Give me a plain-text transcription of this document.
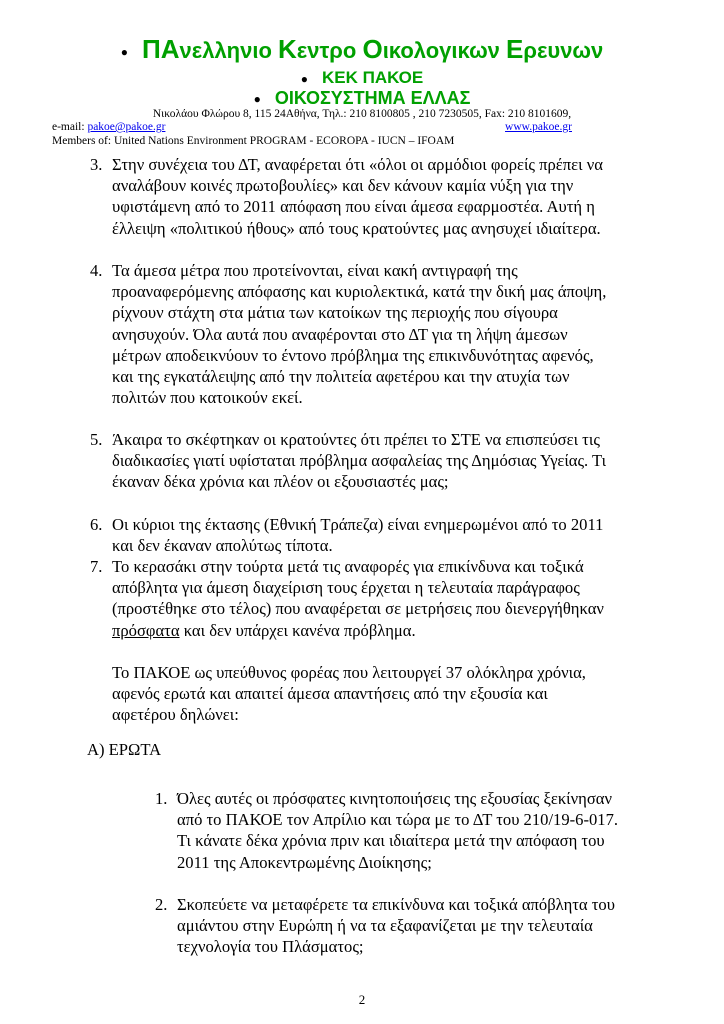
● ΠΑνελληνιο Κεντρο Οικολογικων Ερευνων
● ΚΕΚ ΠΑΚΟΕ
● ΟΙΚΟΣΥΣΤΗΜΑ ΕΛΛΑΣ
Νικολάου Φλώρου 8, 115 24Αθήνα, Τηλ.: 210 8100805 , 210 7230505, Fax: 210 8101609,
e-mail: pakoe@pakoe.gr	www.pakoe.gr
Members of: United Nations Environment PROGRAM - ECOROPA - IUCN – IFOAM
3. Στην συνέχεια του ΔΤ, αναφέρεται ότι «όλοι οι αρμόδιοι φορείς πρέπει να αναλάβουν κοινές πρωτοβουλίες» και δεν κάνουν καμία νύξη για την υφιστάμενη από το 2011 απόφαση που είναι άμεσα εφαρμοστέα. Αυτή η έλλειψη «πολιτικού ήθους» από τους κρατούντες μας ανησυχεί ιδιαίτερα.
4. Τα άμεσα μέτρα που προτείνονται, είναι κακή αντιγραφή της προαναφερόμενης απόφασης και κυριολεκτικά, κατά την δική μας άποψη, ρίχνουν στάχτη στα μάτια των κατοίκων της περιοχής που σίγουρα ανησυχούν. Όλα αυτά που αναφέρονται στο ΔΤ για τη λήψη άμεσων μέτρων αποδεικνύουν το έντονο πρόβλημα της επικινδυνότητας αφενός, και της εγκατάλειψης από την πολιτεία αφετέρου και την ατυχία των πολιτών που κατοικούν εκεί.
5. Άκαιρα το σκέφτηκαν οι κρατούντες ότι πρέπει το ΣΤΕ να επισπεύσει τις διαδικασίες γιατί υφίσταται πρόβλημα ασφαλείας της Δημόσιας Υγείας. Τι έκαναν δέκα χρόνια και πλέον οι εξουσιαστές μας;
6. Οι κύριοι της έκτασης (Εθνική Τράπεζα) είναι ενημερωμένοι από το 2011 και δεν έκαναν απολύτως τίποτα.
7. Το κερασάκι στην τούρτα μετά τις αναφορές για επικίνδυνα και τοξικά απόβλητα για άμεση διαχείριση τους έρχεται η τελευταία παράγραφος (προστέθηκε στο τέλος) που αναφέρεται σε μετρήσεις που διενεργήθηκαν πρόσφατα και δεν υπάρχει κανένα πρόβλημα.
Το ΠΑΚΟΕ ως υπεύθυνος φορέας που λειτουργεί 37 ολόκληρα χρόνια, αφενός ερωτά και απαιτεί άμεσα απαντήσεις από την εξουσία και αφετέρου δηλώνει:
Α) ΕΡΩΤΑ
1. Όλες αυτές οι πρόσφατες κινητοποιήσεις της εξουσίας ξεκίνησαν από το ΠΑΚΟΕ τον Απρίλιο και τώρα με το ΔΤ του 210/19-6-017. Τι κάνατε δέκα χρόνια πριν και ιδιαίτερα μετά την απόφαση του 2011 της Αποκεντρωμένης Διοίκησης;
2. Σκοπεύετε να μεταφέρετε τα επικίνδυνα και τοξικά απόβλητα του αμιάντου στην Ευρώπη ή να τα εξαφανίζεται με την τελευταία τεχνολογία του Πλάσματος;
2
